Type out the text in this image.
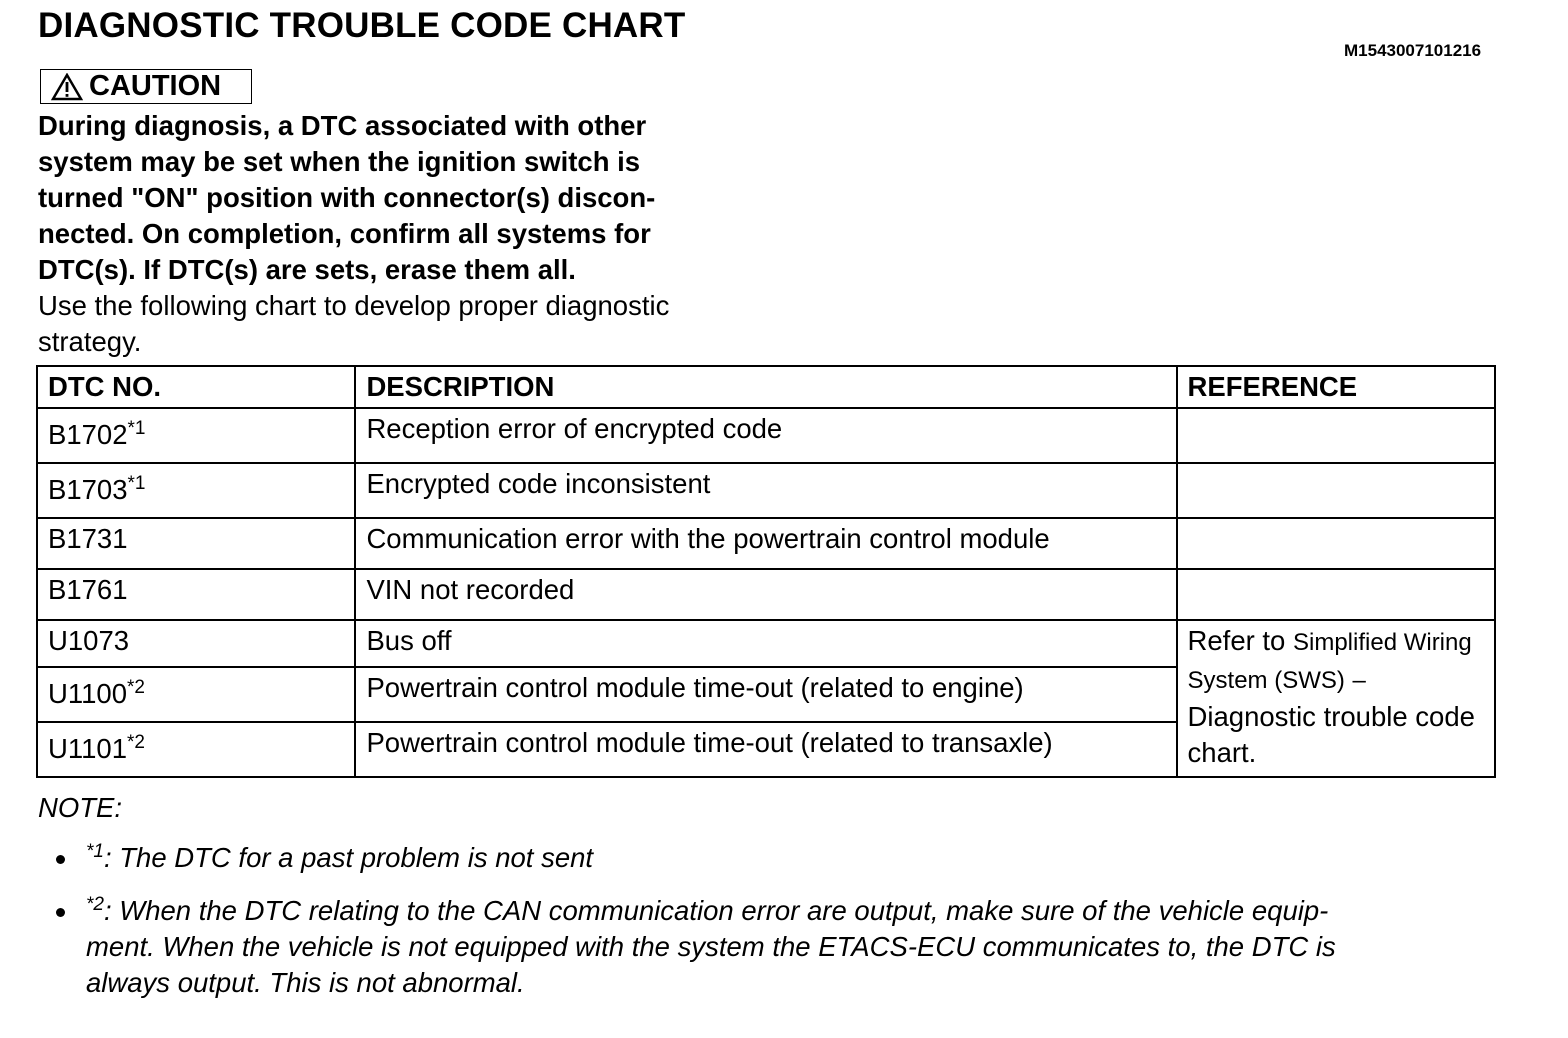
DIAGNOSTIC TROUBLE CODE CHART
M1543007101216
CAUTION
During diagnosis, a DTC associated with other
system may be set when the ignition switch is
turned "ON" position with connector(s) discon-
nected. On completion, confirm all systems for
DTC(s). If DTC(s) are sets, erase them all.
Use the following chart to develop proper diagnostic
strategy.
DTC NO.	DESCRIPTION	REFERENCE
B1702$^{*1}$	Reception error of encrypted code	
B1703$^{*1}$	Encrypted code inconsistent	
B1731	Communication error with the powertrain control module	
B1761	VIN not recorded	
U1073	Bus off	Refer to Simplified Wiring System (SWS) –
Diagnostic trouble code chart.
U1100$^{*2}$	Powertrain control module time-out (related to engine)	
U1101$^{*2}$	Powertrain control module time-out (related to transaxle)	
NOTE:
$^{*1}$: The DTC for a past problem is not sent
$^{*2}$: When the DTC relating to the CAN communication error are output, make sure of the vehicle equip-
ment. When the vehicle is not equipped with the system the ETACS-ECU communicates to, the DTC is
always output. This is not abnormal.
